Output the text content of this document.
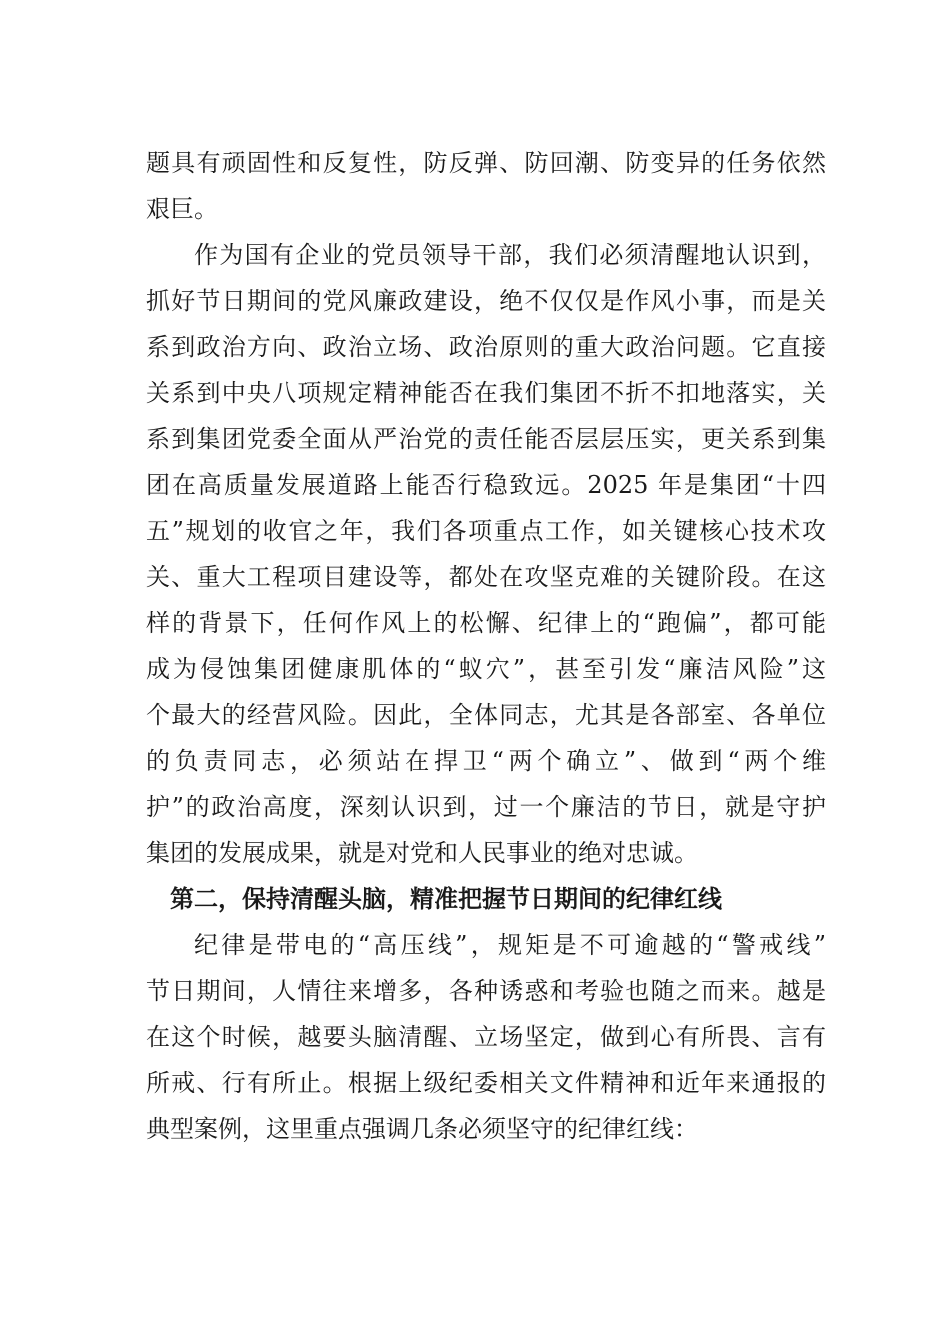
题具有顽固性和反复性，防反弹、防回潮、防变异的任务依然
艰巨。
作为国有企业的党员领导干部，我们必须清醒地认识到，
抓好节日期间的党风廉政建设，绝不仅仅是作风小事，而是关
系到政治方向、政治立场、政治原则的重大政治问题。它直接
关系到中央八项规定精神能否在我们集团不折不扣地落实，关
系到集团党委全面从严治党的责任能否层层压实，更关系到集
团在高质量发展道路上能否行稳致远。2025 年是集团“十四
五”规划的收官之年，我们各项重点工作，如关键核心技术攻
关、重大工程项目建设等，都处在攻坚克难的关键阶段。在这
样的背景下，任何作风上的松懈、纪律上的“跑偏”，都可能
成为侵蚀集团健康肌体的“蚁穴”，甚至引发“廉洁风险”这
个最大的经营风险。因此，全体同志，尤其是各部室、各单位
的负责同志，必须站在捍卫“两个确立”、做到“两个维
护”的政治高度，深刻认识到，过一个廉洁的节日，就是守护
集团的发展成果，就是对党和人民事业的绝对忠诚。
第二，保持清醒头脑，精准把握节日期间的纪律红线
纪律是带电的“高压线”，规矩是不可逾越的“警戒线”
节日期间，人情往来增多，各种诱惑和考验也随之而来。越是
在这个时候，越要头脑清醒、立场坚定，做到心有所畏、言有
所戒、行有所止。根据上级纪委相关文件精神和近年来通报的
典型案例，这里重点强调几条必须坚守的纪律红线：
